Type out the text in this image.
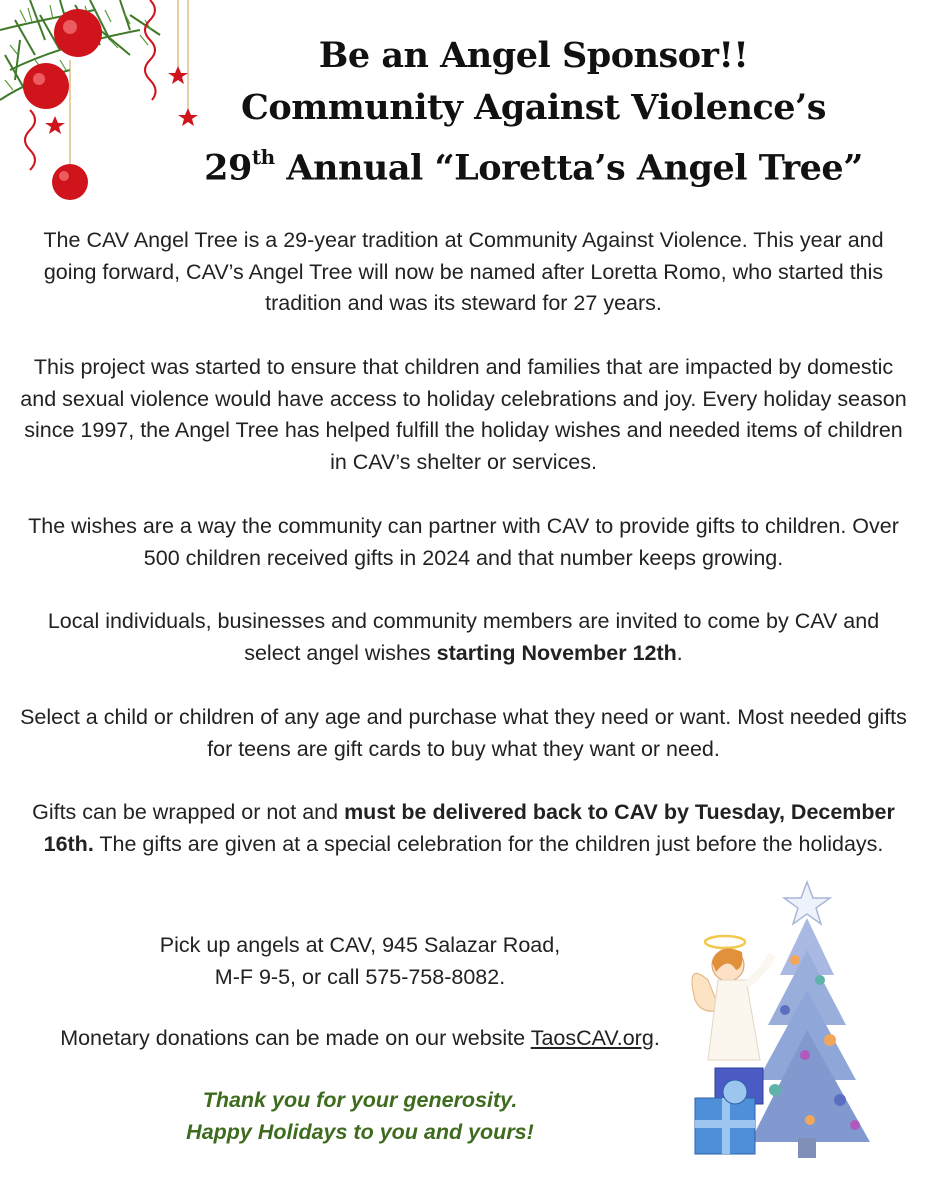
Be an Angel Sponsor!!
Community Against Violence’s
29th Annual “Loretta’s Angel Tree”

The CAV Angel Tree is a 29-year tradition at Community Against Violence. This year and going forward, CAV’s Angel Tree will now be named after Loretta Romo, who started this tradition and was its steward for 27 years.

This project was started to ensure that children and families that are impacted by domestic and sexual violence would have access to holiday celebrations and joy. Every holiday season since 1997, the Angel Tree has helped fulfill the holiday wishes and needed items of children in CAV’s shelter or services.

The wishes are a way the community can partner with CAV to provide gifts to children. Over 500 children received gifts in 2024 and that number keeps growing.

Local individuals, businesses and community members are invited to come by CAV and select angel wishes starting November 12th.

Select a child or children of any age and purchase what they need or want. Most needed gifts for teens are gift cards to buy what they want or need.

Gifts can be wrapped or not and must be delivered back to CAV by Tuesday, December 16th. The gifts are given at a special celebration for the children just before the holidays.

Pick up angels at CAV, 945 Salazar Road,
M-F 9-5, or call 575-758-8082.
Monetary donations can be made on our website TaosCAV.org.
Thank you for your generosity.
Happy Holidays to you and yours!
